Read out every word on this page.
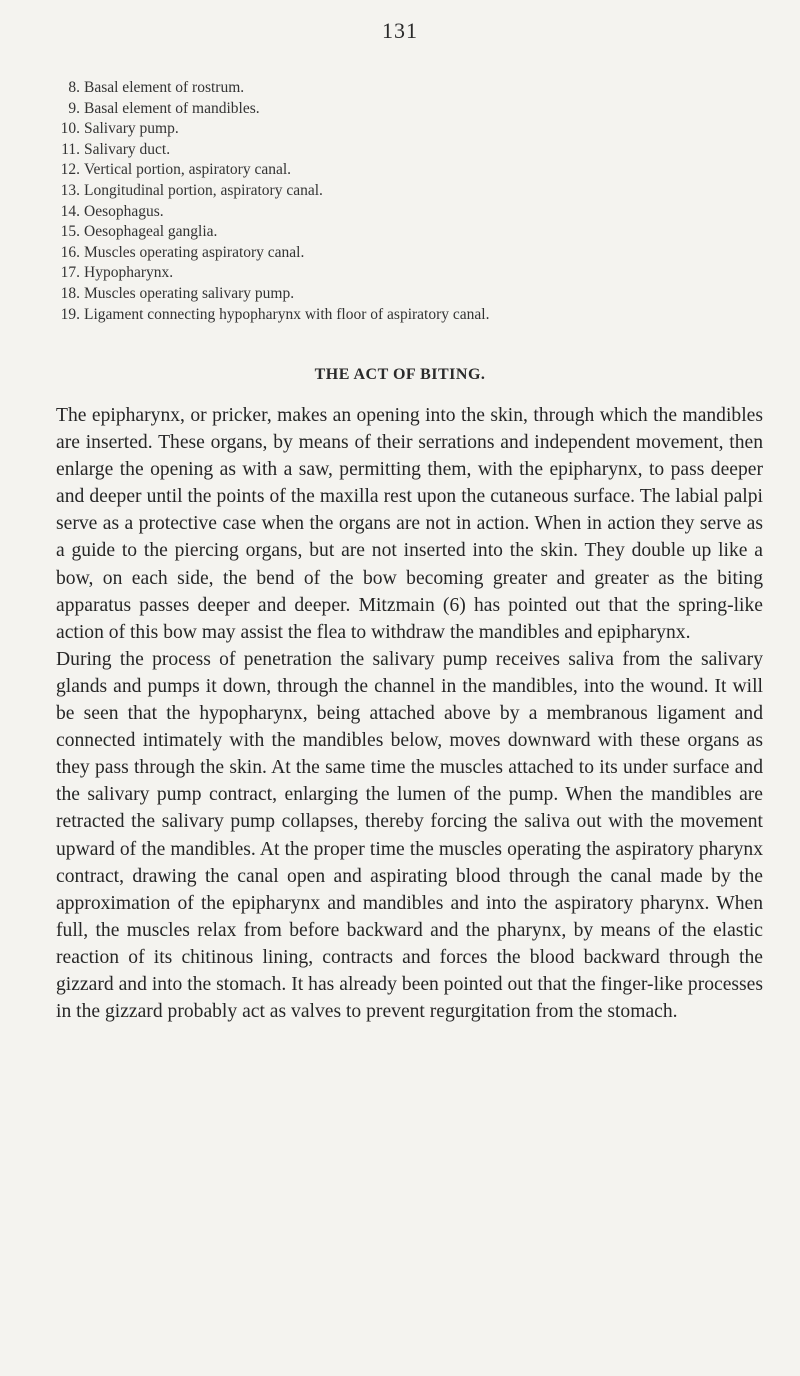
131
8. Basal element of rostrum.
9. Basal element of mandibles.
10. Salivary pump.
11. Salivary duct.
12. Vertical portion, aspiratory canal.
13. Longitudinal portion, aspiratory canal.
14. Oesophagus.
15. Oesophageal ganglia.
16. Muscles operating aspiratory canal.
17. Hypopharynx.
18. Muscles operating salivary pump.
19. Ligament connecting hypopharynx with floor of aspiratory canal.
THE ACT OF BITING.

The epipharynx, or pricker, makes an opening into the skin, through which the mandibles are inserted. These organs, by means of their serrations and independent movement, then enlarge the opening as with a saw, permitting them, with the epipharynx, to pass deeper and deeper until the points of the maxilla rest upon the cutaneous surface. The labial palpi serve as a protective case when the organs are not in action. When in action they serve as a guide to the piercing organs, but are not inserted into the skin. They double up like a bow, on each side, the bend of the bow becoming greater and greater as the biting apparatus passes deeper and deeper. Mitzmain (6) has pointed out that the spring-like action of this bow may assist the flea to withdraw the mandibles and epipharynx.

During the process of penetration the salivary pump receives saliva from the salivary glands and pumps it down, through the channel in the mandibles, into the wound. It will be seen that the hypopharynx, being attached above by a membranous ligament and connected intimately with the mandibles below, moves downward with these organs as they pass through the skin. At the same time the muscles attached to its under surface and the salivary pump contract, enlarging the lumen of the pump. When the mandibles are retracted the salivary pump collapses, thereby forcing the saliva out with the movement upward of the mandibles. At the proper time the muscles operating the aspiratory pharynx contract, drawing the canal open and aspirating blood through the canal made by the approximation of the epipharynx and mandibles and into the aspiratory pharynx. When full, the muscles relax from before backward and the pharynx, by means of the elastic reaction of its chitinous lining, contracts and forces the blood backward through the gizzard and into the stomach. It has already been pointed out that the finger-like processes in the gizzard probably act as valves to prevent regurgitation from the stomach.
